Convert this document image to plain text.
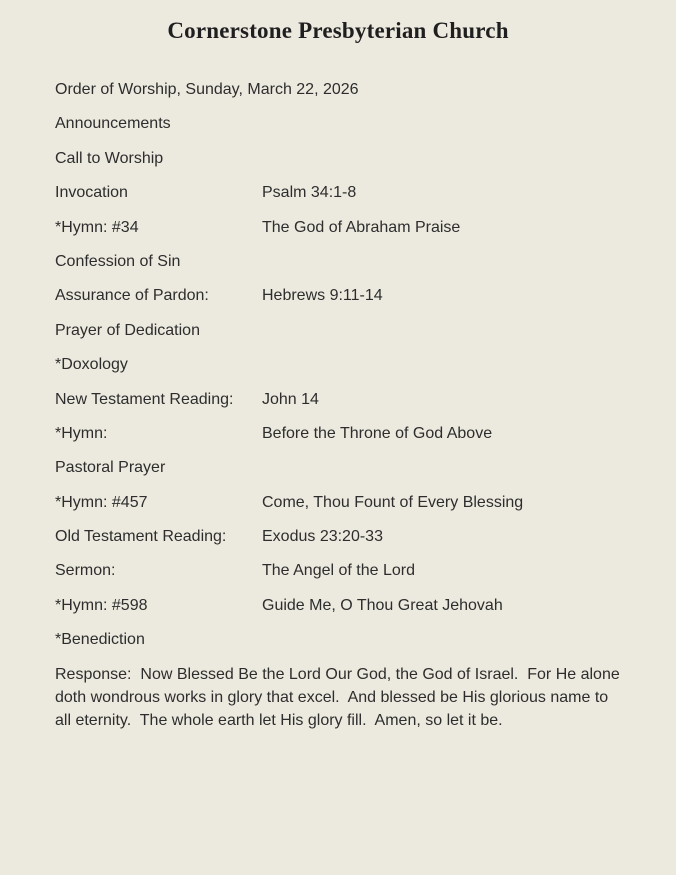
Cornerstone Presbyterian Church
Order of Worship, Sunday, March 22, 2026
Announcements
Call to Worship
Invocation	Psalm 34:1-8
*Hymn: #34	The God of Abraham Praise
Confession of Sin
Assurance of Pardon:	Hebrews 9:11-14
Prayer of Dedication
*Doxology
New Testament Reading:	John 14
*Hymn:	Before the Throne of God Above
Pastoral Prayer
*Hymn: #457	Come, Thou Fount of Every Blessing
Old Testament Reading:	Exodus 23:20-33
Sermon:	The Angel of the Lord
*Hymn: #598	Guide Me, O Thou Great Jehovah
*Benediction

Response:  Now Blessed Be the Lord Our God, the God of Israel.  For He alone doth wondrous works in glory that excel.  And blessed be His glorious name to all eternity.  The whole earth let His glory fill.  Amen, so let it be.
